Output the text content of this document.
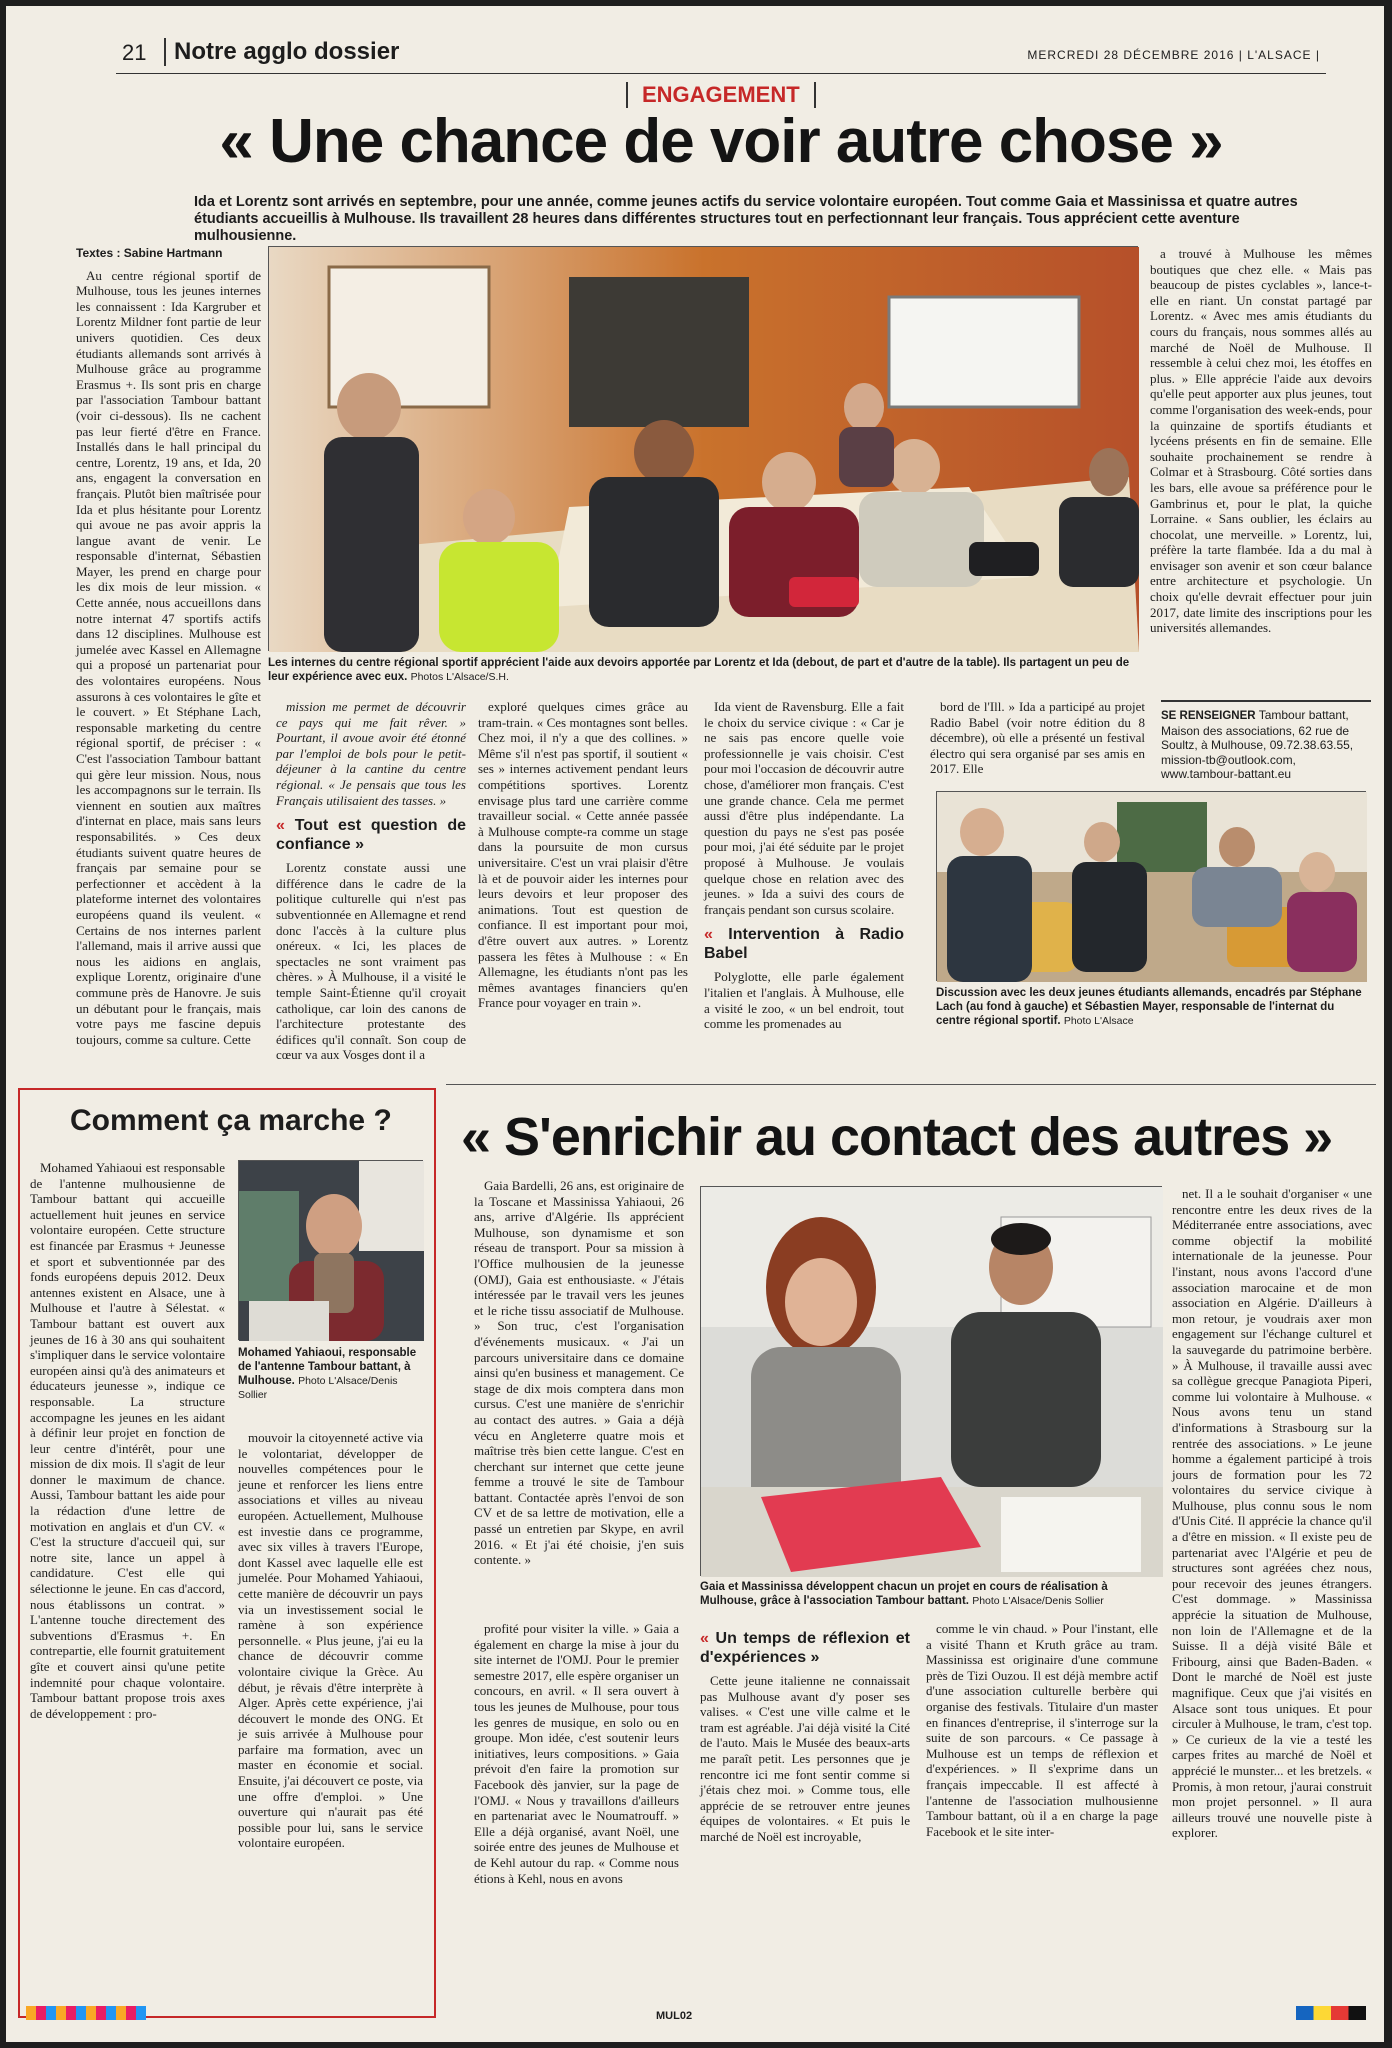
21	Notre agglo dossier	MERCREDI 28 DÉCEMBRE 2016 | L'ALSACE |
ENGAGEMENT
« Une chance de voir autre chose »
Ida et Lorentz sont arrivés en septembre, pour une année, comme jeunes actifs du service volontaire européen. Tout comme Gaia et Massinissa et quatre autres étudiants accueillis à Mulhouse. Ils travaillent 28 heures dans différentes structures tout en perfectionnant leur français. Tous apprécient cette aventure mulhousienne.
Textes : Sabine Hartmann

Au centre régional sportif de Mulhouse, tous les jeunes internes les connaissent : Ida Kargruber et Lorentz Mildner font partie de leur univers quotidien. Ces deux étudiants allemands sont arrivés à Mulhouse grâce au programme Erasmus +. Ils sont pris en charge par l'association Tambour battant (voir ci-dessous). Ils ne cachent pas leur fierté d'être en France. Installés dans le hall principal du centre, Lorentz, 19 ans, et Ida, 20 ans, engagent la conversation en français. Plutôt bien maîtrisée pour Ida et plus hésitante pour Lorentz qui avoue ne pas avoir appris la langue avant de venir. Le responsable d'internat, Sébastien Mayer, les prend en charge pour les dix mois de leur mission. « Cette année, nous accueillons dans notre internat 47 sportifs actifs dans 12 disciplines. Mulhouse est jumelée avec Kassel en Allemagne qui a proposé un partenariat pour des volontaires européens. Nous assurons à ces volontaires le gîte et le couvert. » Et Stéphane Lach, responsable marketing du centre régional sportif, de préciser : « C'est l'association Tambour battant qui gère leur mission. Nous, nous les accompagnons sur le terrain. Ils viennent en soutien aux maîtres d'internat en place, mais sans leurs responsabilités. » Ces deux étudiants suivent quatre heures de français par semaine pour se perfectionner et accèdent à la plateforme internet des volontaires européens quand ils veulent. « Certains de nos internes parlent l'allemand, mais il arrive aussi que nous les aidions en anglais, explique Lorentz, originaire d'une commune près de Hanovre. Je suis un débutant pour le français, mais votre pays me fascine depuis toujours, comme sa culture. Cette

Les internes du centre régional sportif apprécient l'aide aux devoirs apportée par Lorentz et Ida (debout, de part et d'autre de la table). Ils partagent un peu de leur expérience avec eux. Photos L'Alsace/S.H.

a trouvé à Mulhouse les mêmes boutiques que chez elle. « Mais pas beaucoup de pistes cyclables », lance-t-elle en riant. Un constat partagé par Lorentz. « Avec mes amis étudiants du cours du français, nous sommes allés au marché de Noël de Mulhouse. Il ressemble à celui chez moi, les étoffes en plus. » Elle apprécie l'aide aux devoirs qu'elle peut apporter aux plus jeunes, tout comme l'organisation des week-ends, pour la quinzaine de sportifs étudiants et lycéens présents en fin de semaine. Elle souhaite prochainement se rendre à Colmar et à Strasbourg. Côté sorties dans les bars, elle avoue sa préférence pour le Gambrinus et, pour le plat, la quiche Lorraine. « Sans oublier, les éclairs au chocolat, une merveille. » Lorentz, lui, préfère la tarte flambée. Ida a du mal à envisager son avenir et son cœur balance entre architecture et psychologie. Un choix qu'elle devrait effectuer pour juin 2017, date limite des inscriptions pour les universités allemandes.

mission me permet de découvrir ce pays qui me fait rêver. » Pourtant, il avoue avoir été étonné par l'emploi de bols pour le petit-déjeuner à la cantine du centre régional. « Je pensais que tous les Français utilisaient des tasses. »

« Tout est question de confiance »

Lorentz constate aussi une différence dans le cadre de la politique culturelle qui n'est pas subventionnée en Allemagne et rend donc l'accès à la culture plus onéreux. « Ici, les places de spectacles ne sont vraiment pas chères. » À Mulhouse, il a visité le temple Saint-Étienne qu'il croyait catholique, car loin des canons de l'architecture protestante des édifices qu'il connaît. Son coup de cœur va aux Vosges dont il a

exploré quelques cimes grâce au tram-train. « Ces montagnes sont belles. Chez moi, il n'y a que des collines. » Même s'il n'est pas sportif, il soutient « ses » internes activement pendant leurs compétitions sportives. Lorentz envisage plus tard une carrière comme travailleur social. « Cette année passée à Mulhouse compte-ra comme un stage dans la poursuite de mon cursus universitaire. C'est un vrai plaisir d'être là et de pouvoir aider les internes pour leurs devoirs et leur proposer des animations. Tout est question de confiance. Il est important pour moi, d'être ouvert aux autres. » Lorentz passera les fêtes à Mulhouse : « En Allemagne, les étudiants n'ont pas les mêmes avantages financiers qu'en France pour voyager en train ».

Ida vient de Ravensburg. Elle a fait le choix du service civique : « Car je ne sais pas encore quelle voie professionnelle je vais choisir. C'est pour moi l'occasion de découvrir autre chose, d'améliorer mon français. C'est une grande chance. Cela me permet aussi d'être plus indépendante. La question du pays ne s'est pas posée pour moi, j'ai été séduite par le projet proposé à Mulhouse. Je voulais quelque chose en relation avec des jeunes. » Ida a suivi des cours de français pendant son cursus scolaire.

« Intervention à Radio Babel

Polyglotte, elle parle également l'italien et l'anglais. À Mulhouse, elle a visité le zoo, « un bel endroit, tout comme les promenades au

bord de l'Ill. » Ida a participé au projet Radio Babel (voir notre édition du 8 décembre), où elle a présenté un festival électro qui sera organisé par ses amis en 2017. Elle

SE RENSEIGNER Tambour battant, Maison des associations, 62 rue de Soultz, à Mulhouse, 09.72.38.63.55, mission-tb@outlook.com, www.tambour-battant.eu
Discussion avec les deux jeunes étudiants allemands, encadrés par Stéphane Lach (au fond à gauche) et Sébastien Mayer, responsable de l'internat du centre régional sportif. Photo L'Alsace
Comment ça marche ?

Mohamed Yahiaoui est responsable de l'antenne mulhousienne de Tambour battant qui accueille actuellement huit jeunes en service volontaire européen. Cette structure est financée par Erasmus + Jeunesse et sport et subventionnée par des fonds européens depuis 2012. Deux antennes existent en Alsace, une à Mulhouse et l'autre à Sélestat. « Tambour battant est ouvert aux jeunes de 16 à 30 ans qui souhaitent s'impliquer dans le service volontaire européen ainsi qu'à des animateurs et éducateurs jeunesse », indique ce responsable. La structure accompagne les jeunes en les aidant à définir leur projet en fonction de leur centre d'intérêt, pour une mission de dix mois. Il s'agit de leur donner le maximum de chance. Aussi, Tambour battant les aide pour la rédaction d'une lettre de motivation en anglais et d'un CV. « C'est la structure d'accueil qui, sur notre site, lance un appel à candidature. C'est elle qui sélectionne le jeune. En cas d'accord, nous établissons un contrat. » L'antenne touche directement des subventions d'Erasmus +. En contrepartie, elle fournit gratuitement gîte et couvert ainsi qu'une petite indemnité pour chaque volontaire. Tambour battant propose trois axes de développement : pro-

Mohamed Yahiaoui, responsable de l'antenne Tambour battant, à Mulhouse. Photo L'Alsace/Denis Sollier

mouvoir la citoyenneté active via le volontariat, développer de nouvelles compétences pour le jeune et renforcer les liens entre associations et villes au niveau européen. Actuellement, Mulhouse est investie dans ce programme, avec six villes à travers l'Europe, dont Kassel avec laquelle elle est jumelée. Pour Mohamed Yahiaoui, cette manière de découvrir un pays via un investissement social le ramène à son expérience personnelle. « Plus jeune, j'ai eu la chance de découvrir comme volontaire civique la Grèce. Au début, je rêvais d'être interprète à Alger. Après cette expérience, j'ai découvert le monde des ONG. Et je suis arrivée à Mulhouse pour parfaire ma formation, avec un master en économie et social. Ensuite, j'ai découvert ce poste, via une offre d'emploi. » Une ouverture qui n'aurait pas été possible pour lui, sans le service volontaire européen.

« S'enrichir au contact des autres »

Gaia Bardelli, 26 ans, est originaire de la Toscane et Massinissa Yahiaoui, 26 ans, arrive d'Algérie. Ils apprécient Mulhouse, son dynamisme et son réseau de transport. Pour sa mission à l'Office mulhousien de la jeunesse (OMJ), Gaia est enthousiaste. « J'étais intéressée par le travail vers les jeunes et le riche tissu associatif de Mulhouse. » Son truc, c'est l'organisation d'événements musicaux. « J'ai un parcours universitaire dans ce domaine ainsi qu'en business et management. Ce stage de dix mois comptera dans mon cursus. C'est une manière de s'enrichir au contact des autres. » Gaia a déjà vécu en Angleterre quatre mois et maîtrise très bien cette langue. C'est en cherchant sur internet que cette jeune femme a trouvé le site de Tambour battant. Contactée après l'envoi de son CV et de sa lettre de motivation, elle a passé un entretien par Skype, en avril 2016. « Et j'ai été choisie, j'en suis contente. »

Gaia et Massinissa développent chacun un projet en cours de réalisation à Mulhouse, grâce à l'association Tambour battant. Photo L'Alsace/Denis Sollier

net. Il a le souhait d'organiser « une rencontre entre les deux rives de la Méditerranée entre associations, avec comme objectif la mobilité internationale de la jeunesse. Pour l'instant, nous avons l'accord d'une association marocaine et de mon association en Algérie. D'ailleurs à mon retour, je voudrais axer mon engagement sur l'échange culturel et la sauvegarde du patrimoine berbère. » À Mulhouse, il travaille aussi avec sa collègue grecque Panagiota Piperi, comme lui volontaire à Mulhouse. « Nous avons tenu un stand d'informations à Strasbourg sur la rentrée des associations. » Le jeune homme a également participé à trois jours de formation pour les 72 volontaires du service civique à Mulhouse, plus connu sous le nom d'Unis Cité. Il apprécie la chance qu'il a d'être en mission. « Il existe peu de partenariat avec l'Algérie et peu de structures sont agréées chez nous, pour recevoir des jeunes étrangers. C'est dommage. » Massinissa apprécie la situation de Mulhouse, non loin de l'Allemagne et de la Suisse. Il a déjà visité Bâle et Fribourg, ainsi que Baden-Baden. « Dont le marché de Noël est juste magnifique. Ceux que j'ai visités en Alsace sont tous uniques. Et pour circuler à Mulhouse, le tram, c'est top. » Ce curieux de la vie a testé les carpes frites au marché de Noël et apprécié le munster... et les bretzels. « Promis, à mon retour, j'aurai construit mon projet personnel. » Il aura ailleurs trouvé une nouvelle piste à explorer.

profité pour visiter la ville. » Gaia a également en charge la mise à jour du site internet de l'OMJ. Pour le premier semestre 2017, elle espère organiser un concours, en avril. « Il sera ouvert à tous les jeunes de Mulhouse, pour tous les genres de musique, en solo ou en groupe. Mon idée, c'est soutenir leurs initiatives, leurs compositions. » Gaia prévoit d'en faire la promotion sur Facebook dès janvier, sur la page de l'OMJ. « Nous y travaillons d'ailleurs en partenariat avec le Noumatrouff. » Elle a déjà organisé, avant Noël, une soirée entre des jeunes de Mulhouse et de Kehl autour du rap. « Comme nous étions à Kehl, nous en avons

« Un temps de réflexion et d'expériences »

Cette jeune italienne ne connaissait pas Mulhouse avant d'y poser ses valises. « C'est une ville calme et le tram est agréable. J'ai déjà visité la Cité de l'auto. Mais le Musée des beaux-arts me paraît petit. Les personnes que je rencontre ici me font sentir comme si j'étais chez moi. » Comme tous, elle apprécie de se retrouver entre jeunes équipes de volontaires. « Et puis le marché de Noël est incroyable,

comme le vin chaud. » Pour l'instant, elle a visité Thann et Kruth grâce au tram. Massinissa est originaire d'une commune près de Tizi Ouzou. Il est déjà membre actif d'une association culturelle berbère qui organise des festivals. Titulaire d'un master en finances d'entreprise, il s'interroge sur la suite de son parcours. « Ce passage à Mulhouse est un temps de réflexion et d'expériences. » Il s'exprime dans un français impeccable. Il est affecté à l'antenne de l'association mulhousienne Tambour battant, où il a en charge la page Facebook et le site inter-

MUL02
